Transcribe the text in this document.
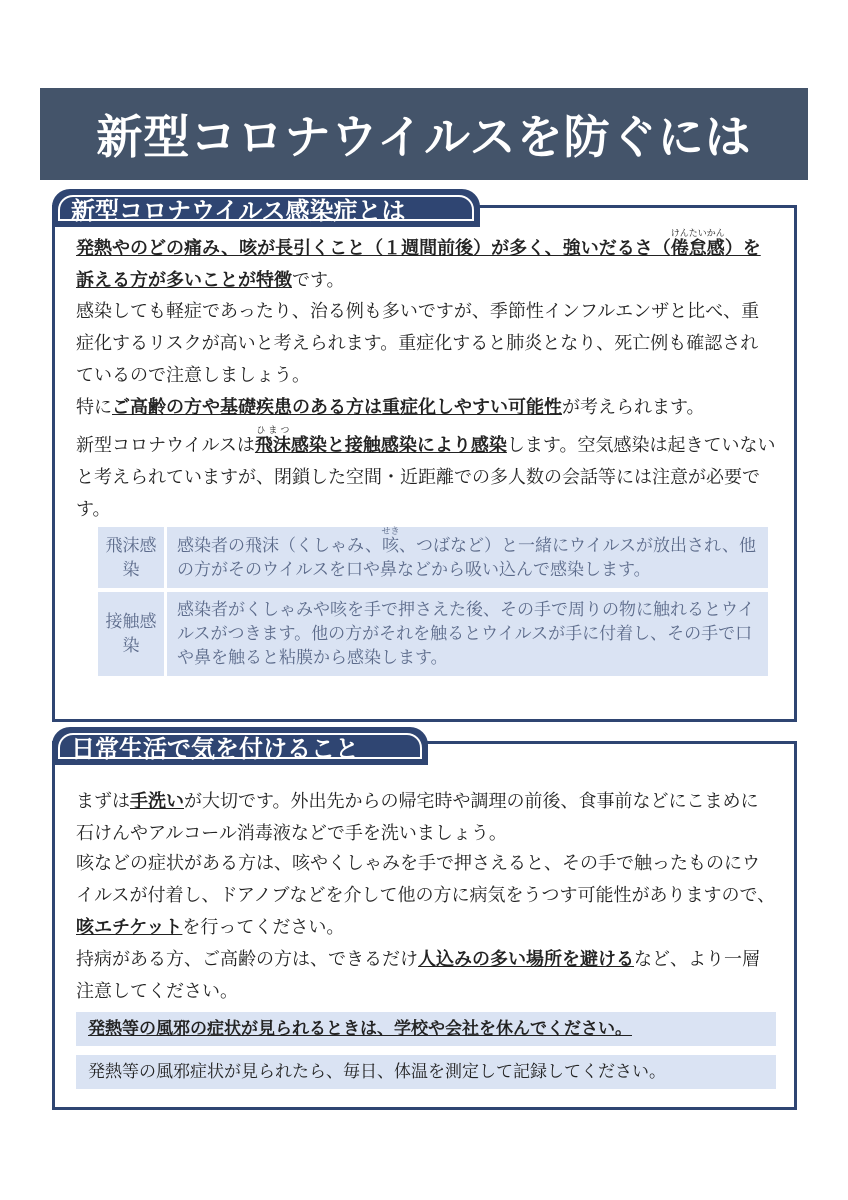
新型コロナウイルスを防ぐには
新型コロナウイルス感染症とは
発熱やのどの痛み、咳が長引くこと（１週間前後）が多く、強いだるさ（倦怠感けんたいかん）を訴える方が多いことが特徴です。
感染しても軽症であったり、治る例も多いですが、季節性インフルエンザと比べ、重症化するリスクが高いと考えられます。重症化すると肺炎となり、死亡例も確認されているので注意しましょう。
特にご高齢の方や基礎疾患のある方は重症化しやすい可能性が考えられます。
新型コロナウイルスは飛沫ひまつ感染と接触感染により感染します。空気感染は起きていないと考えられていますが、閉鎖した空間・近距離での多人数の会話等には注意が必要です。
飛沫感染	感染者の飛沫（くしゃみ、咳せき、つばなど）と一緒にウイルスが放出され、他の方がそのウイルスを口や鼻などから吸い込んで感染します。
接触感染	感染者がくしゃみや咳を手で押さえた後、その手で周りの物に触れるとウイルスがつきます。他の方がそれを触るとウイルスが手に付着し、その手で口や鼻を触ると粘膜から感染します。
日常生活で気を付けること
まずは手洗いが大切です。外出先からの帰宅時や調理の前後、食事前などにこまめに石けんやアルコール消毒液などで手を洗いましょう。
咳などの症状がある方は、咳やくしゃみを手で押さえると、その手で触ったものにウイルスが付着し、ドアノブなどを介して他の方に病気をうつす可能性がありますので、咳エチケットを行ってください。
持病がある方、ご高齢の方は、できるだけ人込みの多い場所を避けるなど、より一層注意してください。
発熱等の風邪の症状が見られるときは、学校や会社を休んでください。
発熱等の風邪症状が見られたら、毎日、体温を測定して記録してください。
